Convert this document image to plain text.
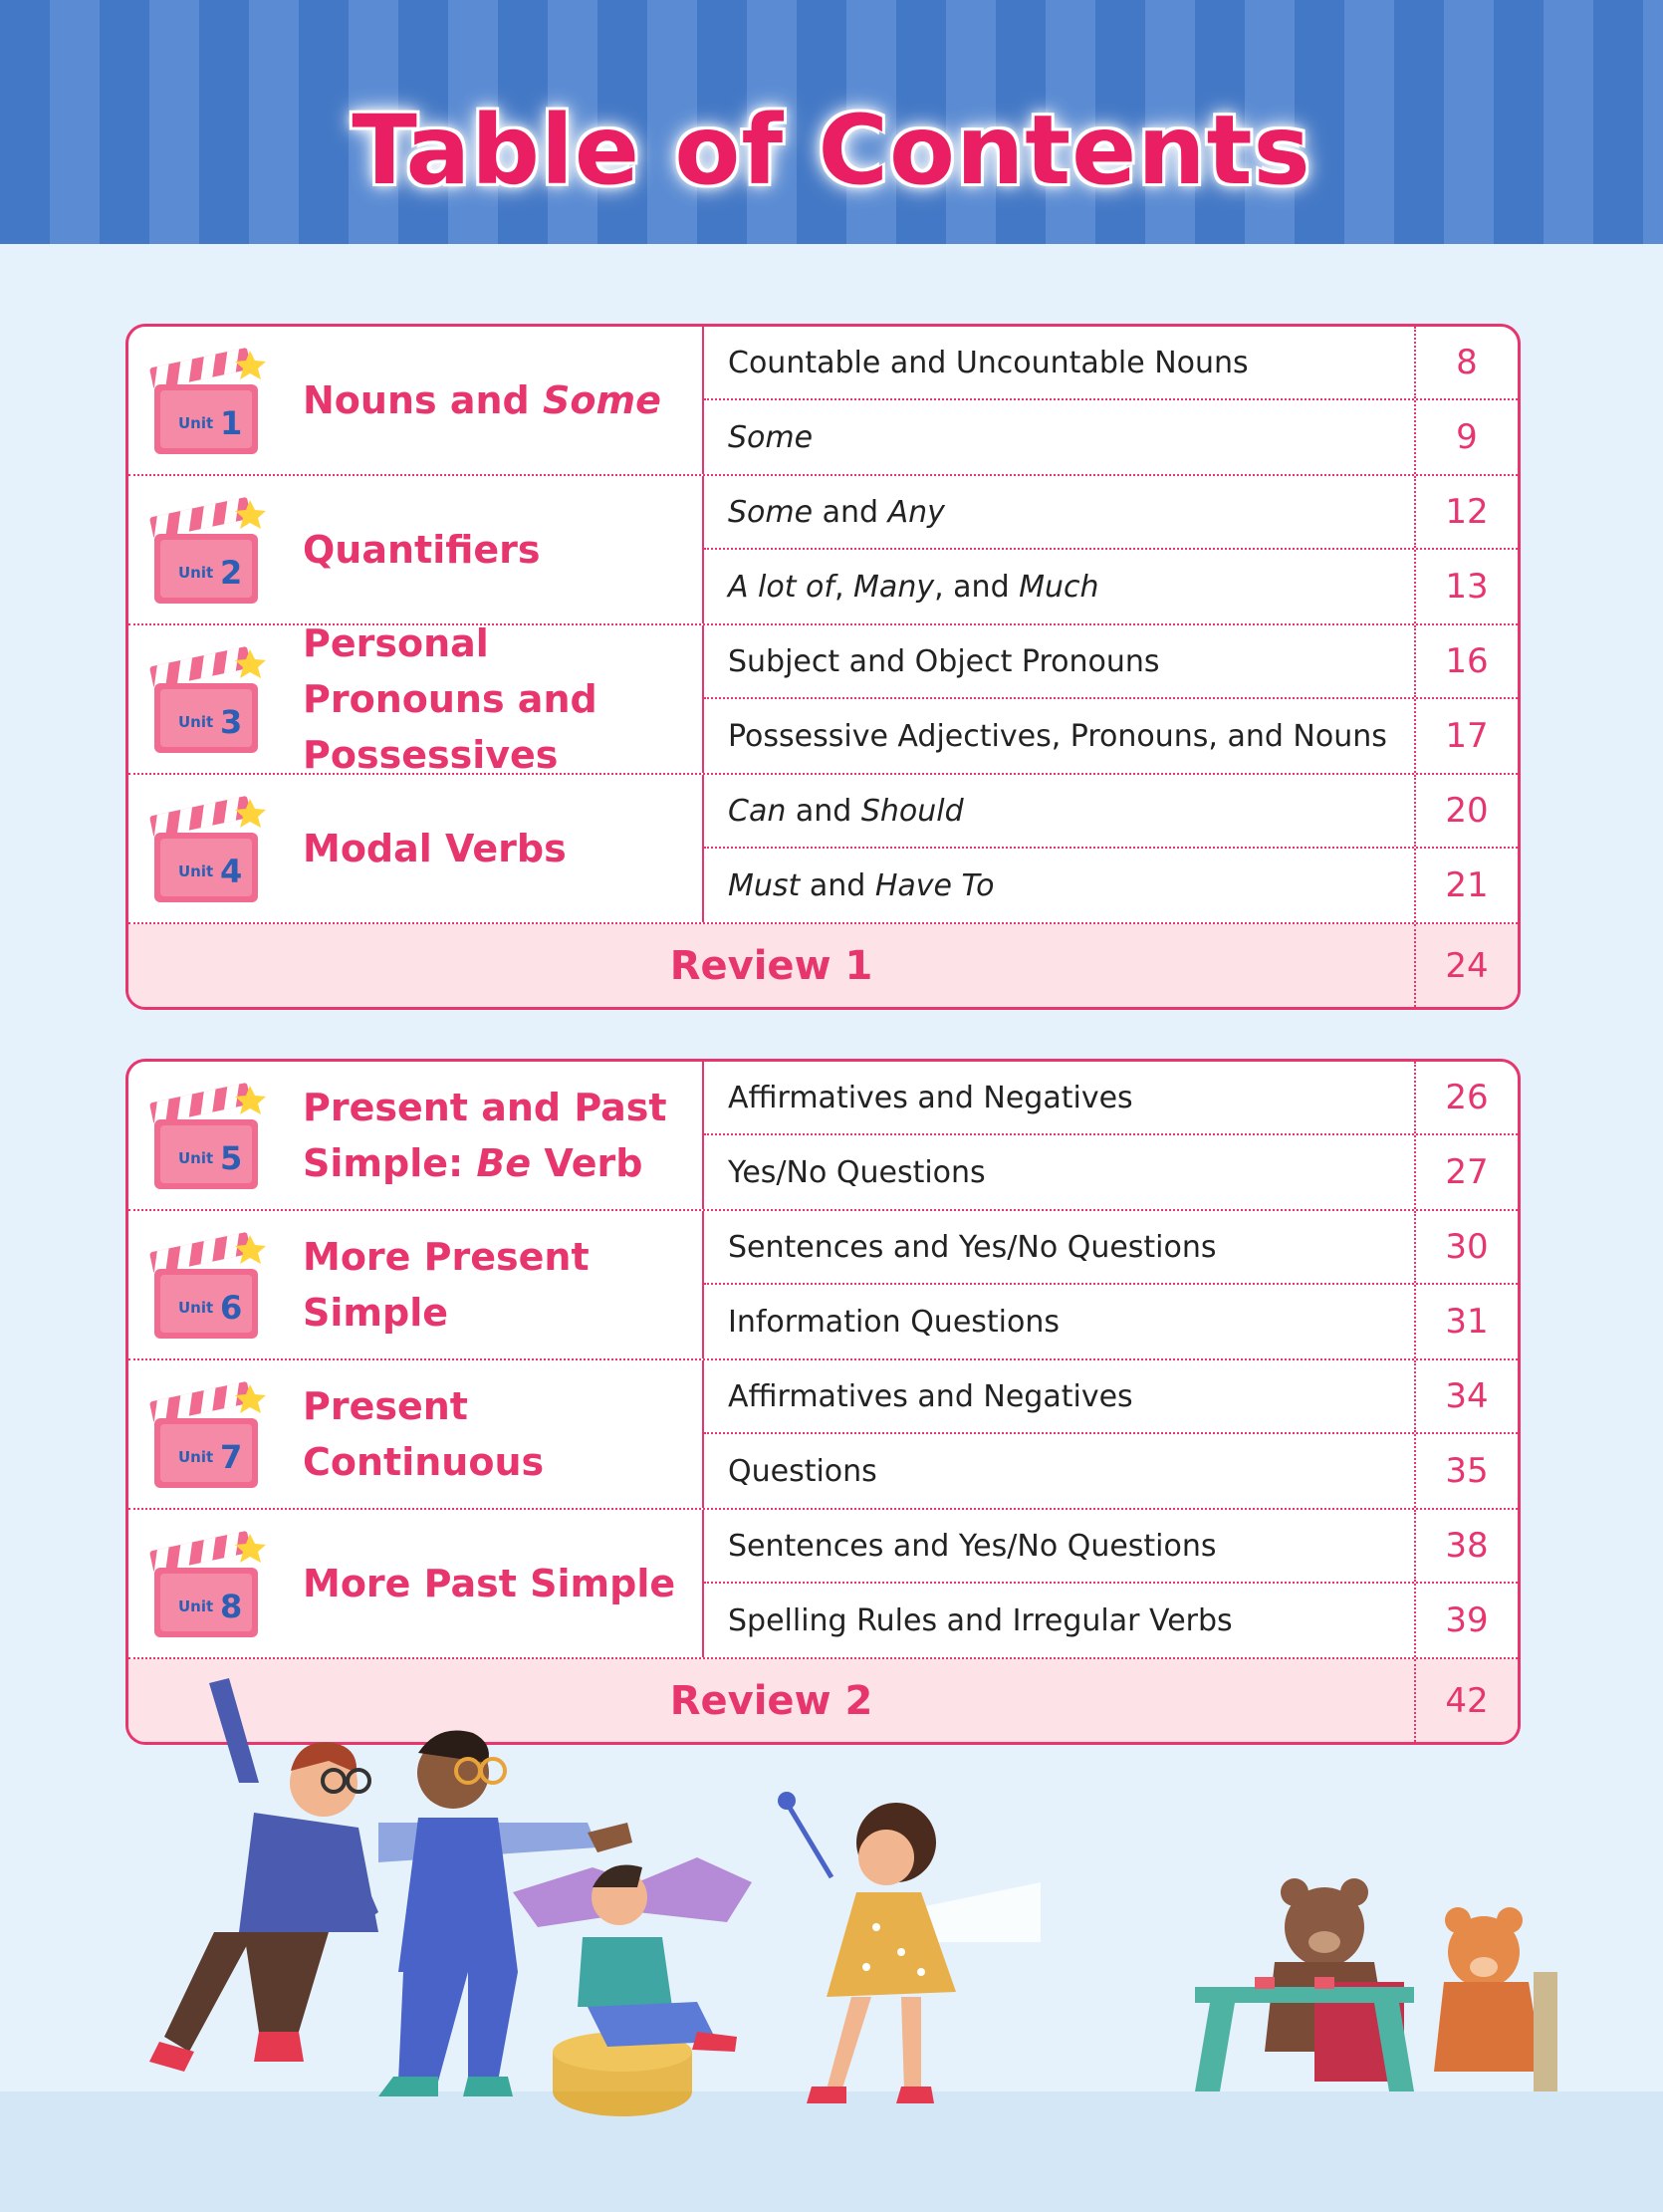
Table of Contents
Unit 1
Nouns and Some
Countable and Uncountable Nouns	8
Some	9
Unit 2
Quantifiers
Some and Any	12
A lot of , Many , and Much	13
Unit 3
Personal Pronouns and Possessives
Subject and Object Pronouns	16
Possessive Adjectives, Pronouns, and Nouns	17
Unit 4
Modal Verbs
Can and Should	20
Must and Have To	21
Review 1	24
Unit 5
Present and Past Simple: Be Verb
Affirmatives and Negatives	26
Yes/No Questions	27
Unit 6
More Present Simple
Sentences and Yes/No Questions	30
Information Questions	31
Unit 7
Present Continuous
Affirmatives and Negatives	34
Questions	35
Unit 8
More Past Simple
Sentences and Yes/No Questions	38
Spelling Rules and Irregular Verbs	39
Review 2	42
